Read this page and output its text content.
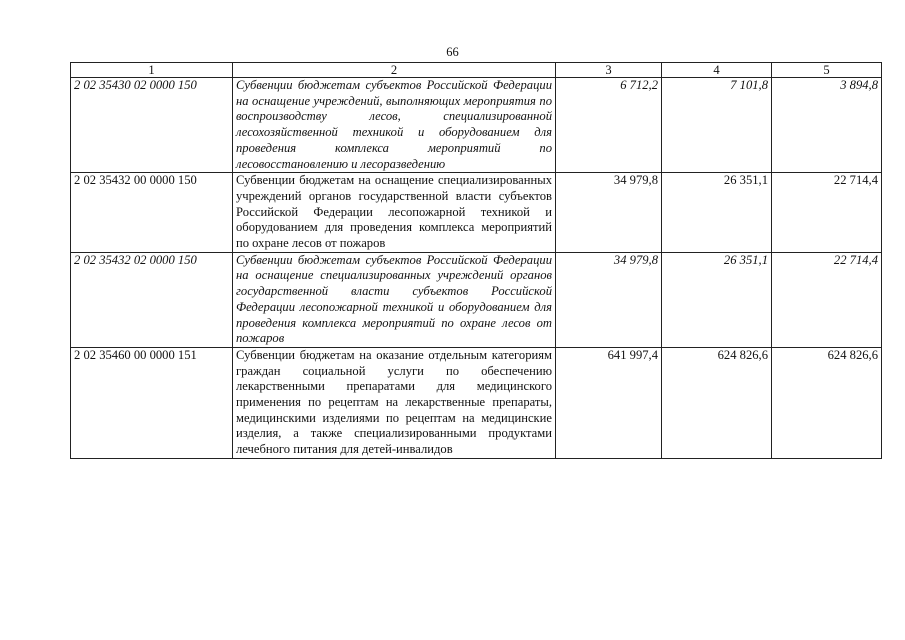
66
1	2	3	4	5
2 02 35430 02 0000 150	Субвенции бюджетам субъектов Российской Федерации на оснащение учреждений, выполняющих мероприятия по воспроизводству лесов, специализированной лесохозяйственной техникой и оборудованием для проведения комплекса мероприятий по лесовосстановлению и лесоразведению	6 712,2	7 101,8	3 894,8
2 02 35432 00 0000 150	Субвенции бюджетам на оснащение специализированных учреждений органов государственной власти субъектов Российской Федерации лесопожарной техникой и оборудованием для проведения комплекса мероприятий по охране лесов от пожаров	34 979,8	26 351,1	22 714,4
2 02 35432 02 0000 150	Субвенции бюджетам субъектов Российской Федерации на оснащение специализированных учреждений органов государственной власти субъектов Российской Федерации лесопожарной техникой и оборудованием для проведения комплекса мероприятий по охране лесов от пожаров	34 979,8	26 351,1	22 714,4
2 02 35460 00 0000 151	Субвенции бюджетам на оказание отдельным категориям граждан социальной услуги по обеспечению лекарственными препаратами для медицинского применения по рецептам на лекарственные препараты, медицинскими изделиями по рецептам на медицинские изделия, а также специализированными продуктами лечебного питания для детей-инвалидов	641 997,4	624 826,6	624 826,6
